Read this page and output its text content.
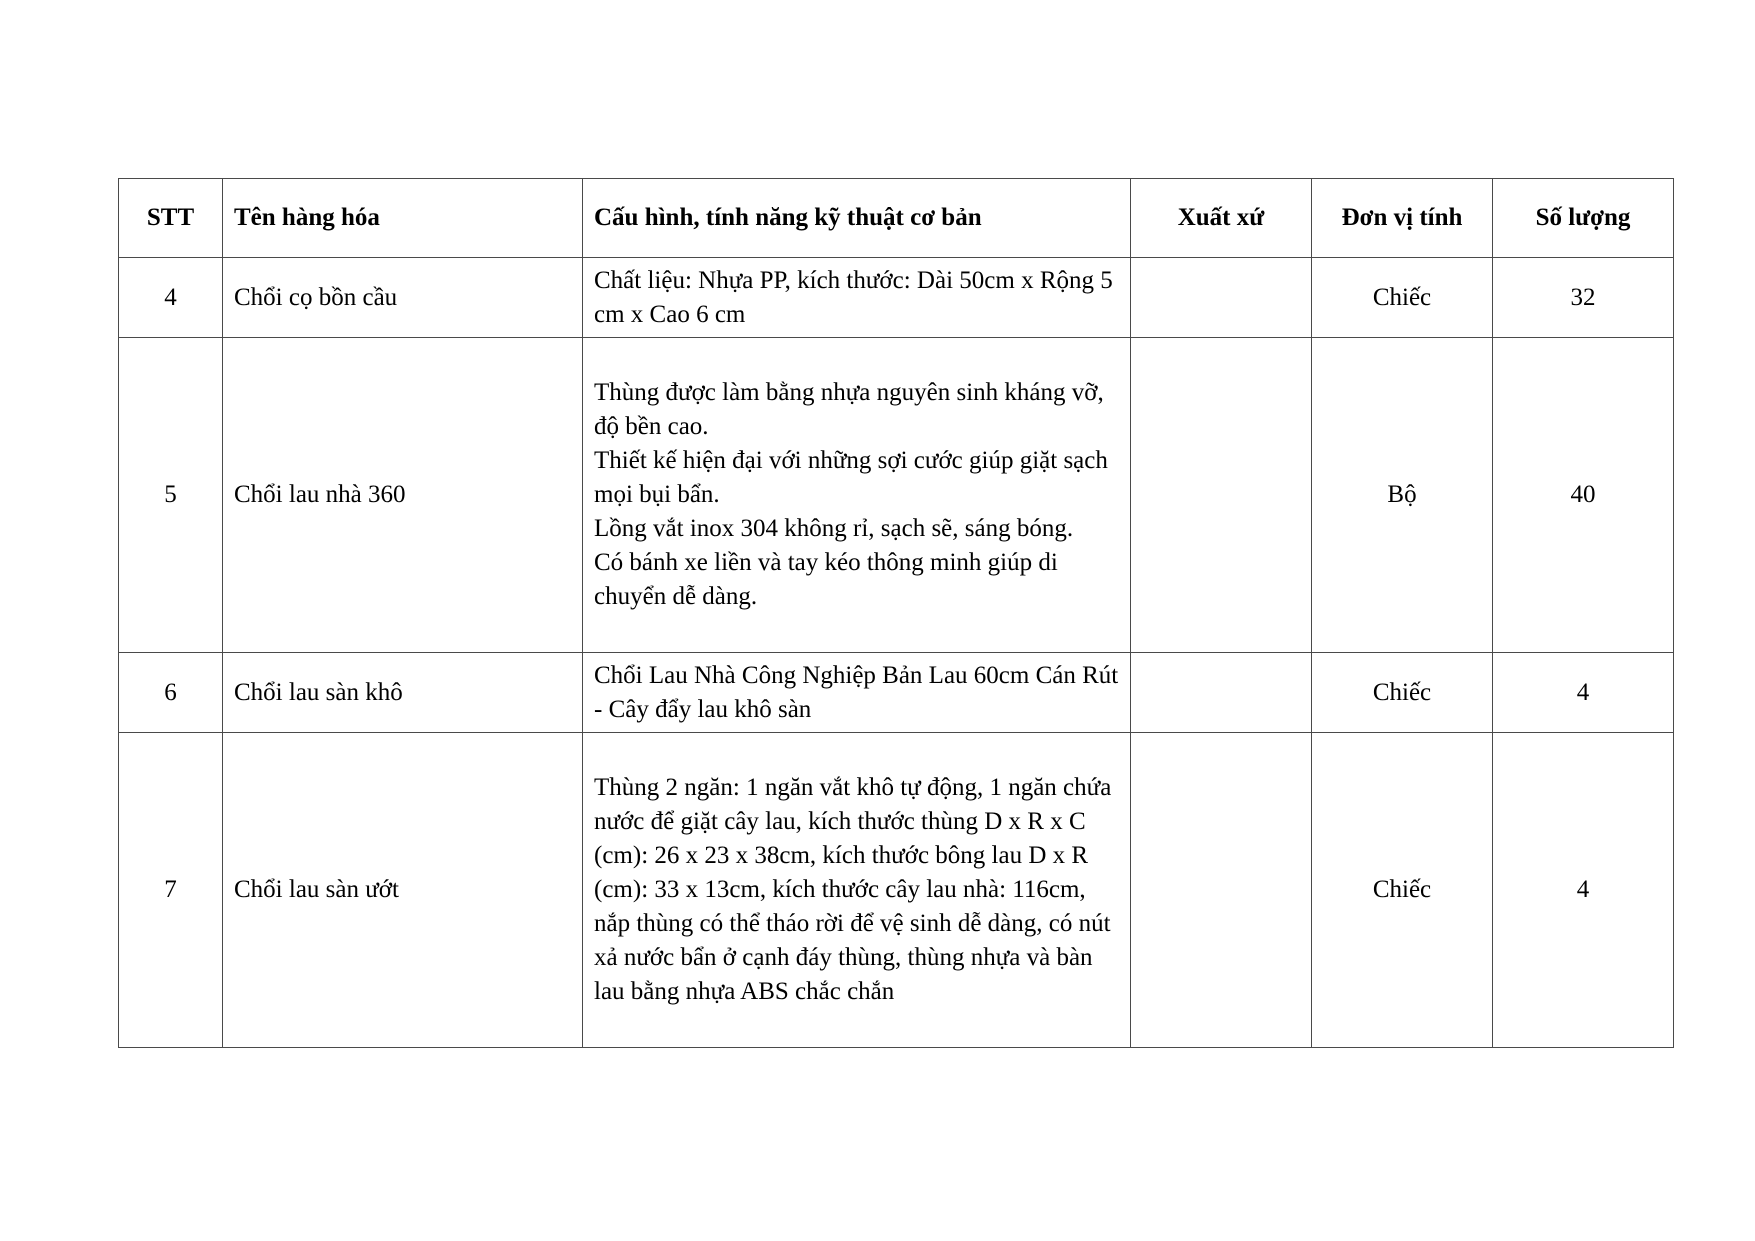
STT	Tên hàng hóa	Cấu hình, tính năng kỹ thuật cơ bản	Xuất xứ	Đơn vị tính	Số lượng
4	Chổi cọ bồn cầu	Chất liệu: Nhựa PP, kích thước: Dài 50cm x Rộng 5 cm x Cao 6 cm		Chiếc	32
5	Chổi lau nhà 360	Thùng được làm bằng nhựa nguyên sinh kháng vỡ, độ bền cao.
Thiết kế hiện đại với những sợi cước giúp giặt sạch mọi bụi bẩn.
Lồng vắt inox 304 không rỉ, sạch sẽ, sáng bóng.
Có bánh xe liền và tay kéo thông minh giúp di chuyển dễ dàng.		Bộ	40
6	Chổi lau sàn khô	Chổi Lau Nhà Công Nghiệp Bản Lau 60cm Cán Rút - Cây đẩy lau khô sàn		Chiếc	4
7	Chổi lau sàn ướt	Thùng 2 ngăn: 1 ngăn vắt khô tự động, 1 ngăn chứa nước để giặt cây lau, kích thước thùng D x R x C (cm): 26 x 23 x 38cm, kích thước bông lau D x R (cm): 33 x 13cm, kích thước cây lau nhà: 116cm, nắp thùng có thể tháo rời để vệ sinh dễ dàng, có nút xả nước bẩn ở cạnh đáy thùng, thùng nhựa và bàn lau bằng nhựa ABS chắc chắn		Chiếc	4
